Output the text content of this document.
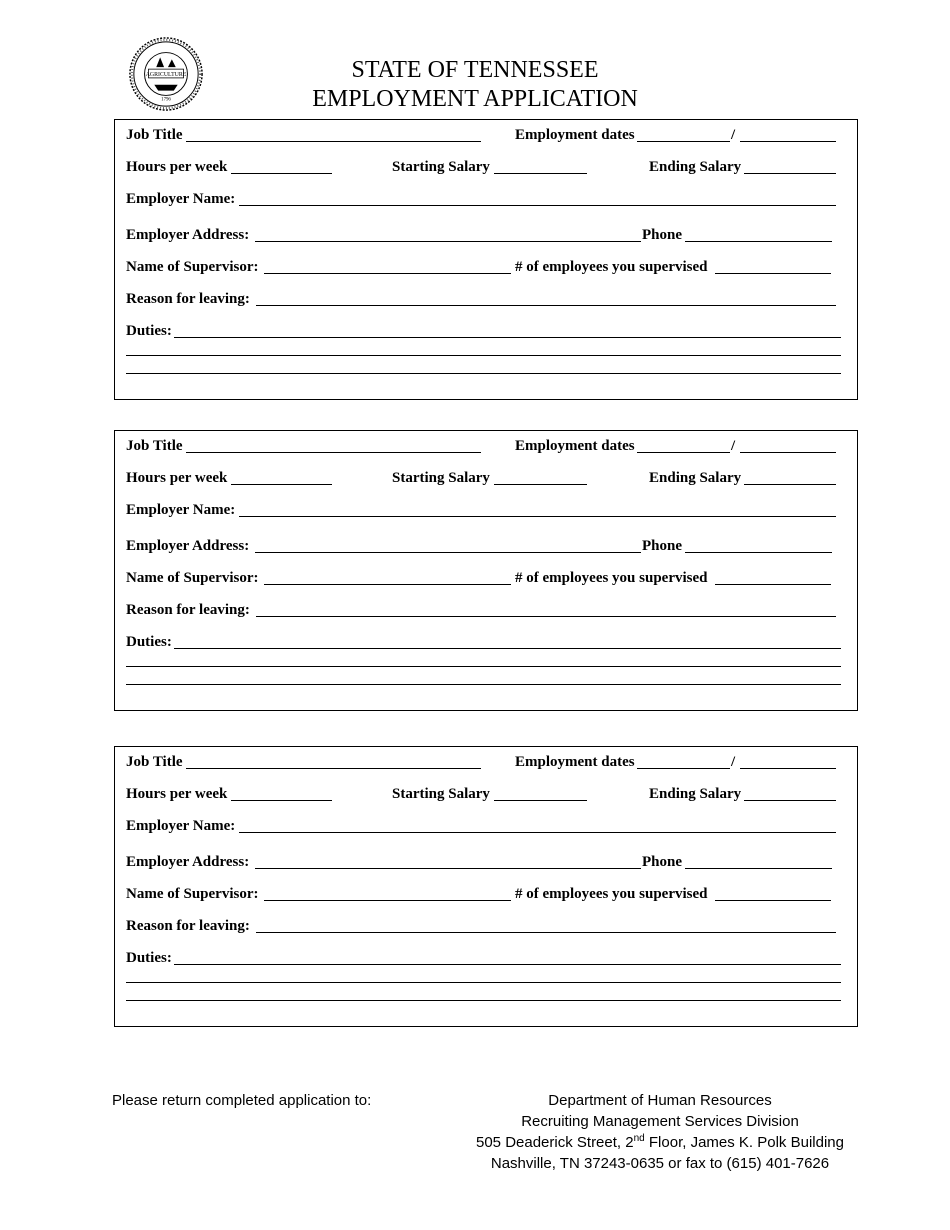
AGRICULTURE
1796
STATE OF TENNESSEE
EMPLOYMENT APPLICATION
Job Title	Employment dates	/
Hours per week	Starting Salary	Ending Salary
Employer Name:
Employer Address:	Phone
Name of Supervisor:	# of employees you supervised
Reason for leaving:
Duties:
Job Title	Employment dates	/
Hours per week	Starting Salary	Ending Salary
Employer Name:
Employer Address:	Phone
Name of Supervisor:	# of employees you supervised
Reason for leaving:
Duties:
Job Title	Employment dates	/
Hours per week	Starting Salary	Ending Salary
Employer Name:
Employer Address:	Phone
Name of Supervisor:	# of employees you supervised
Reason for leaving:
Duties:
Please return completed application to:	Department of Human Resources
Recruiting Management Services Division
505 Deaderick Street, 2nd Floor, James K. Polk Building
Nashville, TN 37243-0635 or fax to (615) 401-7626
